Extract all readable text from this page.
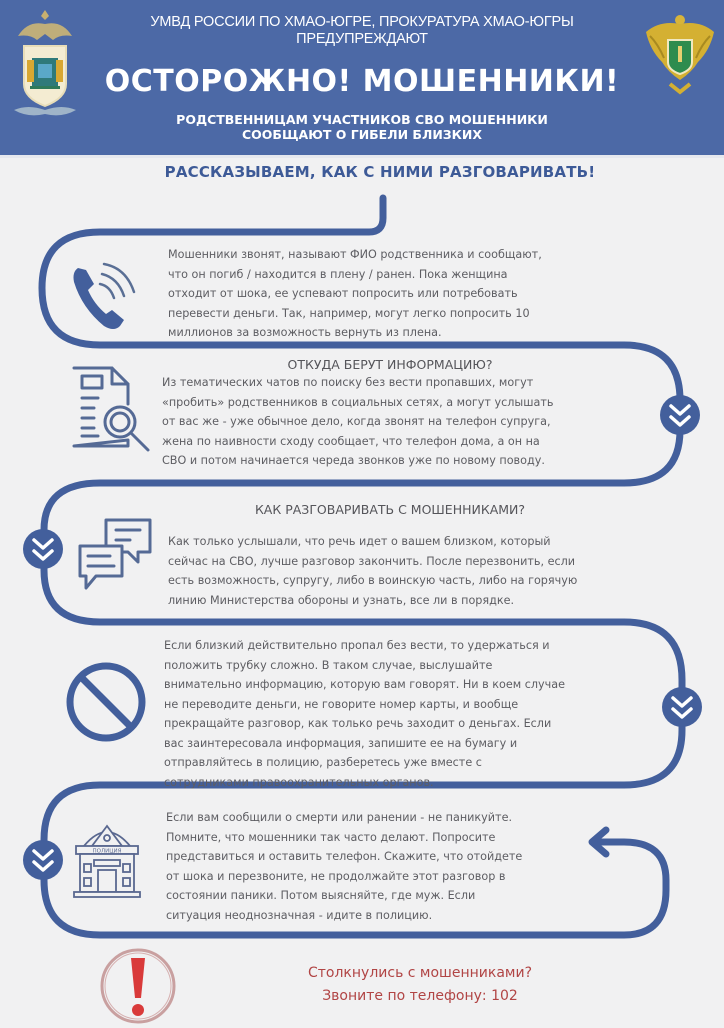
УМВД РОССИИ ПО ХМАО-ЮГРЕ, ПРОКУРАТУРА ХМАО-ЮГРЫ
ПРЕДУПРЕЖДАЮТ
ОСТОРОЖНО! МОШЕННИКИ!
РОДСТВЕННИЦАМ УЧАСТНИКОВ СВО МОШЕННИКИ
СООБЩАЮТ О ГИБЕЛИ БЛИЗКИХ
РАССКАЗЫВАЕМ, КАК С НИМИ РАЗГОВАРИВАТЬ!
Мошенники звонят, называют ФИО родственника и сообщают,
что он погиб / находится в плену / ранен. Пока женщина
отходит от шока, ее успевают попросить или потребовать
перевести деньги. Так, например, могут легко попросить 10
миллионов за возможность вернуть из плена.
ОТКУДА БЕРУТ ИНФОРМАЦИЮ?
Из тематических чатов по поиску без вести пропавших, могут
«пробить» родственников в социальных сетях, а могут услышать
от вас же - уже обычное дело, когда звонят на телефон супруга,
жена по наивности сходу сообщает, что телефон дома, а он на
СВО и потом начинается череда звонков уже по новому поводу.
КАК РАЗГОВАРИВАТЬ С МОШЕННИКАМИ?
Как только услышали, что речь идет о вашем близком, который
сейчас на СВО, лучше разговор закончить. После перезвонить, если
есть возможность, супругу, либо в воинскую часть, либо на горячую
линию Министерства обороны и узнать, все ли в порядке.
Если близкий действительно пропал без вести, то удержаться и
положить трубку сложно. В таком случае, выслушайте
внимательно информацию, которую вам говорят. Ни в коем случае
не переводите деньги, не говорите номер карты, и вообще
прекращайте разговор, как только речь заходит о деньгах. Если
вас заинтересовала информация, запишите ее на бумагу и
отправляйтесь в полицию, разберетесь уже вместе с
сотрудниками правоохранительных органов.
ПОЛИЦИЯ
Если вам сообщили о смерти или ранении - не паникуйте.
Помните, что мошенники так часто делают. Попросите
представиться и оставить телефон. Скажите, что отойдете
от шока и перезвоните, не продолжайте этот разговор в
состоянии паники. Потом выясняйте, где муж. Если
ситуация неоднозначная - идите в полицию.
Столкнулись с мошенниками?
Звоните по телефону: 102
